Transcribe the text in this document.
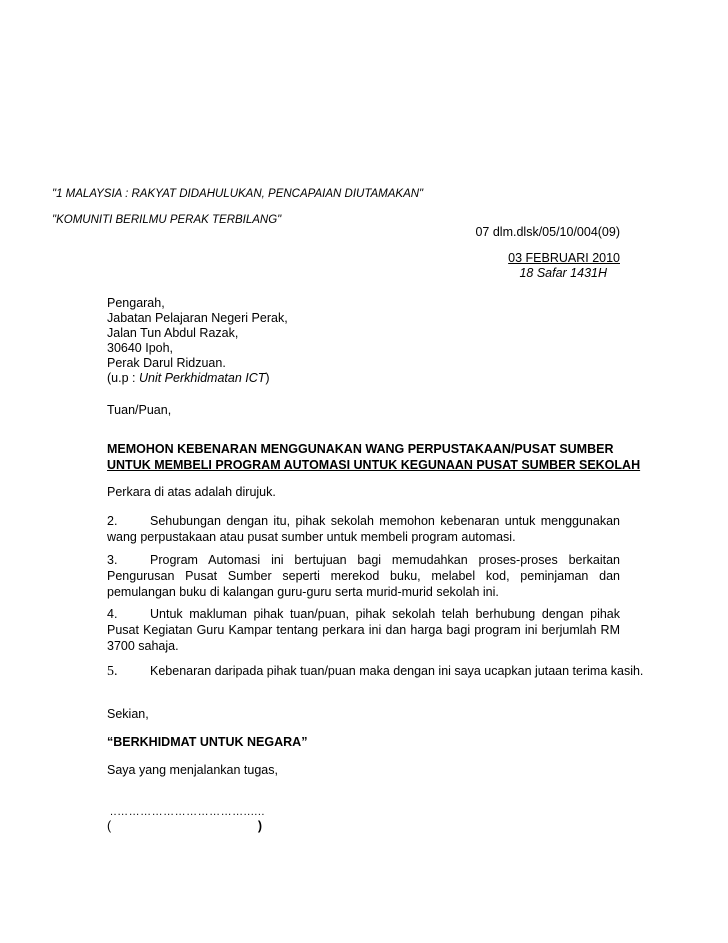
"1 MALAYSIA : RAKYAT DIDAHULUKAN, PENCAPAIAN DIUTAMAKAN"
"KOMUNITI BERILMU PERAK TERBILANG"
07 dlm.dlsk/05/10/004(09)
03 FEBRUARI 2010
18 Safar 1431H
Pengarah,
Jabatan Pelajaran Negeri Perak,
Jalan Tun Abdul Razak,
30640 Ipoh,
Perak Darul Ridzuan.
(u.p : Unit Perkhidmatan ICT)
Tuan/Puan,
MEMOHON KEBENARAN MENGGUNAKAN WANG PERPUSTAKAAN/PUSAT SUMBER
UNTUK MEMBELI PROGRAM AUTOMASI UNTUK KEGUNAAN PUSAT SUMBER SEKOLAH
Perkara di atas adalah dirujuk.
2.	Sehubungan dengan itu, pihak sekolah memohon kebenaran untuk menggunakan wang perpustakaan atau pusat sumber untuk membeli program automasi.
3.	Program Automasi ini bertujuan bagi memudahkan proses-proses berkaitan Pengurusan Pusat Sumber seperti merekod buku, melabel kod, peminjaman dan pemulangan buku di kalangan guru-guru serta murid-murid sekolah ini.
4.	Untuk makluman pihak tuan/puan, pihak sekolah telah berhubung dengan pihak Pusat Kegiatan Guru Kampar tentang perkara ini dan harga bagi program ini berjumlah RM 3700 sahaja.
5.	Kebenaran daripada pihak tuan/puan maka dengan ini saya ucapkan jutaan terima kasih.
Sekian,
“BERKHIDMAT UNTUK NEGARA”
Saya yang menjalankan tugas,
..……………………………......
(	)
